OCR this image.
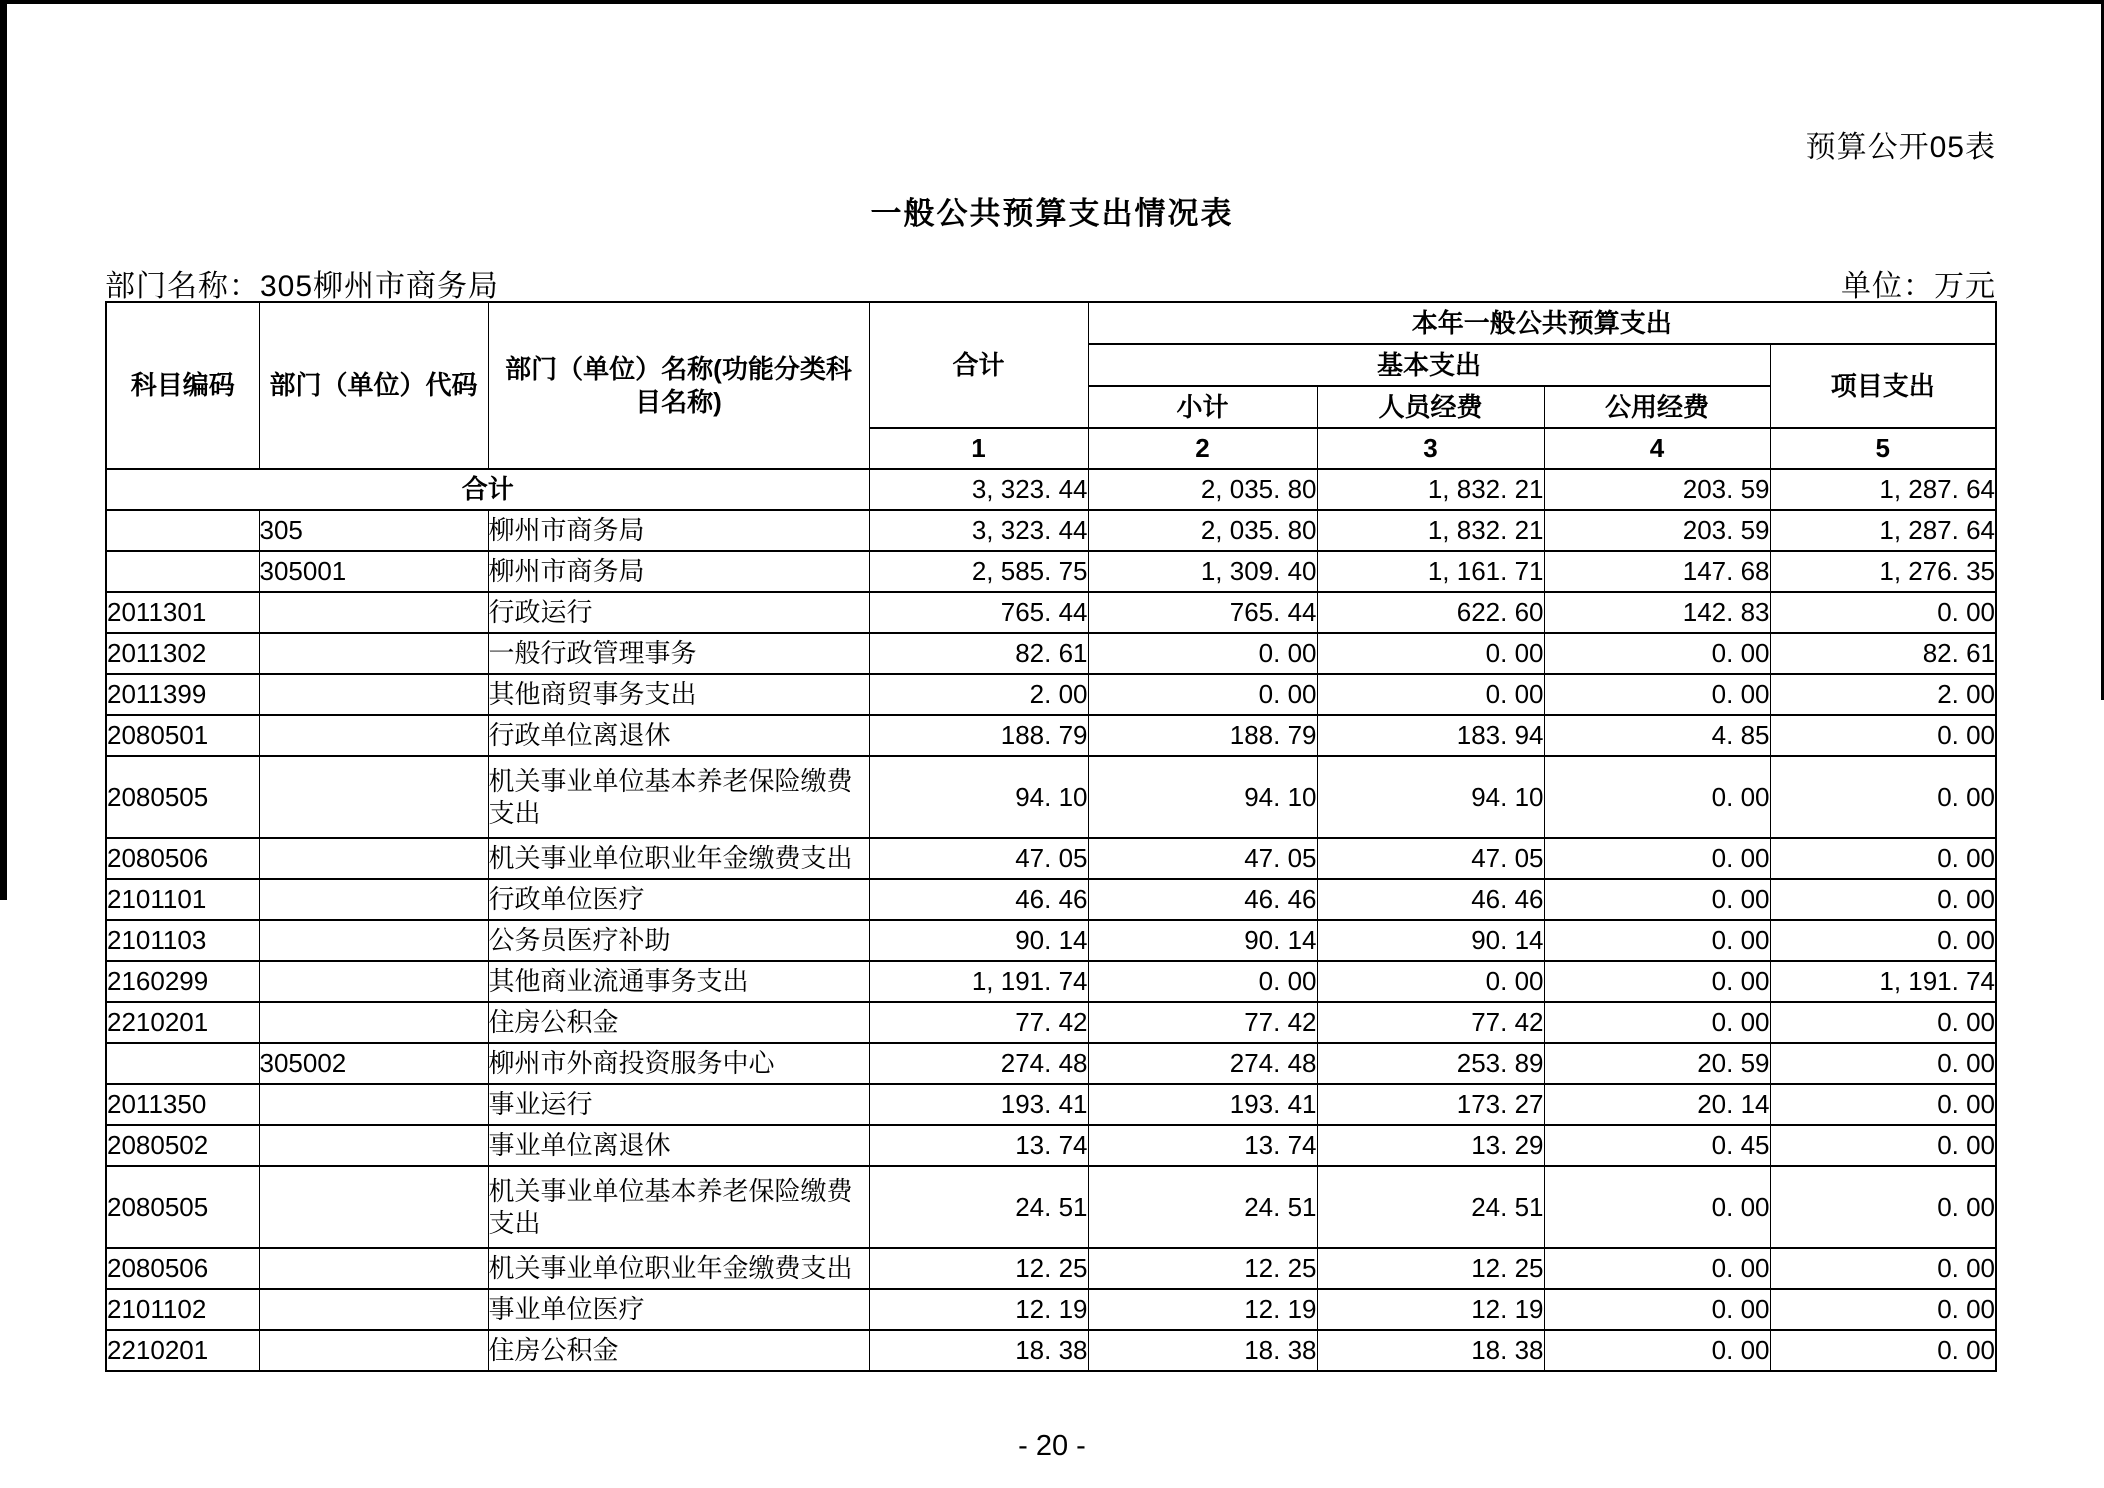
预算公开05表
一般公共预算支出情况表
部门名称：305柳州市商务局	单位：万元
科目编码	部门（单位）代码	部门（单位）名称(功能分类科目名称)	合计	本年一般公共预算支出			
				基本支出			项目支出
				小计	人员经费	公用经费	
			1	2	3	4	5
合计			3, 323. 44	2, 035. 80	1, 832. 21	203. 59	1, 287. 64
	305	柳州市商务局	3, 323. 44	2, 035. 80	1, 832. 21	203. 59	1, 287. 64
	305001	柳州市商务局	2, 585. 75	1, 309. 40	1, 161. 71	147. 68	1, 276. 35
2011301		行政运行	765. 44	765. 44	622. 60	142. 83	0. 00
2011302		一般行政管理事务	82. 61	0. 00	0. 00	0. 00	82. 61
2011399		其他商贸事务支出	2. 00	0. 00	0. 00	0. 00	2. 00
2080501		行政单位离退休	188. 79	188. 79	183. 94	4. 85	0. 00
2080505		机关事业单位基本养老保险缴费支出	94. 10	94. 10	94. 10	0. 00	0. 00
2080506		机关事业单位职业年金缴费支出	47. 05	47. 05	47. 05	0. 00	0. 00
2101101		行政单位医疗	46. 46	46. 46	46. 46	0. 00	0. 00
2101103		公务员医疗补助	90. 14	90. 14	90. 14	0. 00	0. 00
2160299		其他商业流通事务支出	1, 191. 74	0. 00	0. 00	0. 00	1, 191. 74
2210201		住房公积金	77. 42	77. 42	77. 42	0. 00	0. 00
	305002	柳州市外商投资服务中心	274. 48	274. 48	253. 89	20. 59	0. 00
2011350		事业运行	193. 41	193. 41	173. 27	20. 14	0. 00
2080502		事业单位离退休	13. 74	13. 74	13. 29	0. 45	0. 00
2080505		机关事业单位基本养老保险缴费支出	24. 51	24. 51	24. 51	0. 00	0. 00
2080506		机关事业单位职业年金缴费支出	12. 25	12. 25	12. 25	0. 00	0. 00
2101102		事业单位医疗	12. 19	12. 19	12. 19	0. 00	0. 00
2210201		住房公积金	18. 38	18. 38	18. 38	0. 00	0. 00
- 20 -
